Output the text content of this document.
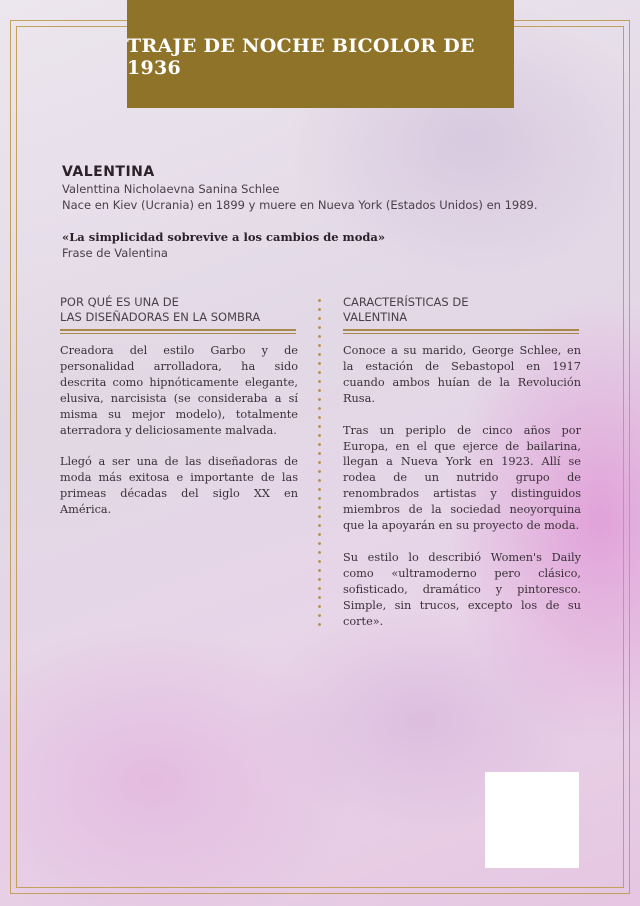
TRAJE DE NOCHE BICOLOR DE 1936
VALENTINA
Valenttina Nicholaevna Sanina Schlee
Nace en Kiev (Ucrania) en 1899 y muere en Nueva York (Estados Unidos) en 1989.
«La simplicidad sobrevive a los cambios de moda»
Frase de Valentina
POR QUÉ ES UNA DE
LAS DISEÑADORAS EN LA SOMBRA

Creadora del estilo Garbo y de personalidad arrolladora, ha sido descrita como hipnóticamente elegante, elusiva, narcisista (se consideraba a sí misma su mejor modelo), totalmente aterradora y deliciosamente malvada.

Llegó a ser una de las diseñadoras de moda más exitosa e importante de las primeas décadas del siglo XX en América.

CARACTERÍSTICAS DE
VALENTINA

Conoce a su marido, George Schlee, en la estación de Sebastopol en 1917 cuando ambos huían de la Revolución Rusa.

Tras un periplo de cinco años por Europa, en el que ejerce de bailarina, llegan a Nueva York en 1923. Allí se rodea de un nutrido grupo de renombrados artistas y distinguidos miembros de la sociedad neoyorquina que la apoyarán en su proyecto de moda.

Su estilo lo describió Women's Daily como «ultramoderno pero clásico, sofisticado, dramático y pintoresco. Simple, sin trucos, excepto los de su corte».
